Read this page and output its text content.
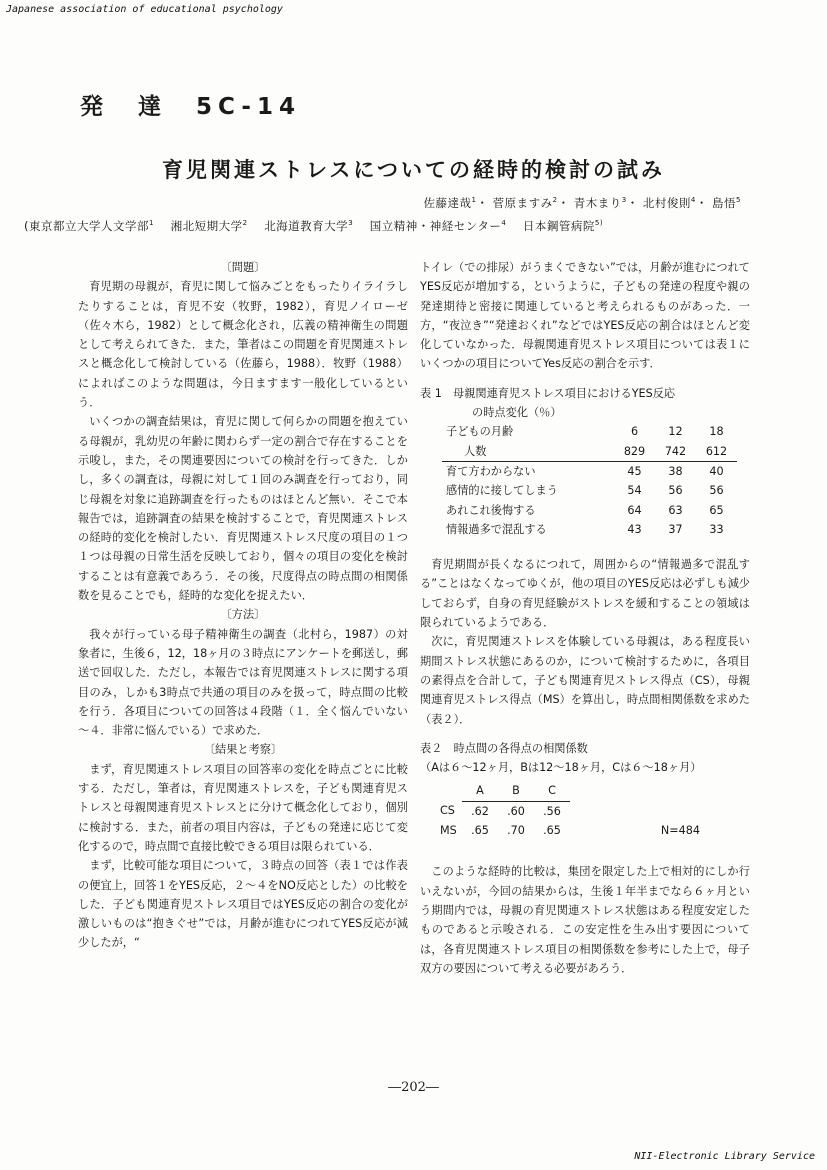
Japanese association of educational psychology
発　達　5C-14
育児関連ストレスについての経時的検討の試み
佐藤達哉$^1$・ 菅原ますみ$^2$・ 青木まり$^3$・ 北村俊則$^4$・ 島悟$^5$
(東京都立大学人文学部$^1$ 湘北短期大学$^2$ 北海道教育大学$^3$ 国立精神・神経センター$^4$ 日本鋼管病院$^{5)}$
〔問題〕

育児期の母親が，育児に関して悩みごとをもったりイライラしたりすることは，育児不安（牧野，1982），育児ノイローゼ（佐々木ら，1982）として概念化され，広義の精神衛生の問題として考えられてきた．また，筆者はこの問題を育児関連ストレスと概念化して検討している（佐藤ら，1988）．牧野（1988）によればこのような問題は，今日ますます一般化しているという．

いくつかの調査結果は，育児に関して何らかの問題を抱えている母親が，乳幼児の年齢に関わらず一定の割合で存在することを示唆し，また，その関連要因についての検討を行ってきた．しかし，多くの調査は，母親に対して１回のみ調査を行っており，同じ母親を対象に追跡調査を行ったものはほとんど無い．そこで本報告では，追跡調査の結果を検討することで，育児関連ストレスの経時的変化を検討したい．育児関連ストレス尺度の項目の１つ１つは母親の日常生活を反映しており，個々の項目の変化を検討することは有意義であろう．その後，尺度得点の時点間の相関係数を見ることでも，経時的な変化を捉えたい．

〔方法〕

我々が行っている母子精神衛生の調査（北村ら，1987）の対象者に，生後６，12，18ヶ月の３時点にアンケートを郵送し，郵送で回収した．ただし，本報告では育児関連ストレスに関する項目のみ，しかも3時点で共通の項目のみを扱って，時点間の比較を行う．各項目についての回答は４段階（１．全く悩んでいない～４．非常に悩んでいる）で求めた．

〔結果と考察〕

まず，育児関連ストレス項目の回答率の変化を時点ごとに比較する．ただし，筆者は，育児関連ストレスを，子ども関連育児ストレスと母親関連育児ストレスとに分けて概念化しており，個別に検討する．また，前者の項目内容は，子どもの発達に応じて変化するので，時点間で直接比較できる項目は限られている．

まず，比較可能な項目について，３時点の回答（表１では作表の便宜上，回答１をYES反応，２～４をNO反応とした）の比較をした．子ども関連育児ストレス項目ではYES反応の割合の変化が激しいものは“抱きぐせ”では，月齢が進むにつれてYES反応が減少したが，“

トイレ（での排尿）がうまくできない”では，月齢が進むにつれてYES反応が増加する，というように，子どもの発達の程度や親の発達期待と密接に関連していると考えられるものがあった．一方，“夜泣き”“発達おくれ”などではYES反応の割合はほとんど変化していなかった．母親関連育児ストレス項目については表１にいくつかの項目についてYes反応の割合を示す．

表 1　母親関連育児ストレス項目におけるYES反応
の時点変化（％）
子どもの月齢	6	12	18
人数	829	742	612
育て方わからない	45	38	40
感情的に接してしまう	54	56	56
あれこれ後悔する	64	63	65
情報過多で混乱する	43	37	33

育児期間が長くなるにつれて，周囲からの“情報過多で混乱する”ことはなくなってゆくが，他の項目のYES反応は必ずしも減少しておらず，自身の育児経験がストレスを緩和することの領域は限られているようである．

次に，育児関連ストレスを体験している母親は，ある程度長い期間ストレス状態にあるのか，について検討するために，各項目の素得点を合計して，子ども関連育児ストレス得点（CS），母親関連育児ストレス得点（MS）を算出し，時点間相関係数を求めた（表２）．

表２　時点間の各得点の相関係数
（Aは６～12ヶ月，Bは12～18ヶ月，Cは６～18ヶ月）
	A	B	C	
CS	.62	.60	.56	
MS	.65	.70	.65	N=484

このような経時的比較は，集団を限定した上で相対的にしか行いえないが，今回の結果からは，生後１年半までなら６ヶ月という期間内では，母親の育児関連ストレス状態はある程度安定したものであると示唆される．この安定性を生み出す要因については，各育児関連ストレス項目の相関係数を参考にした上で，母子双方の要因について考える必要があろう．

―202―
NII-Electronic Library Service
